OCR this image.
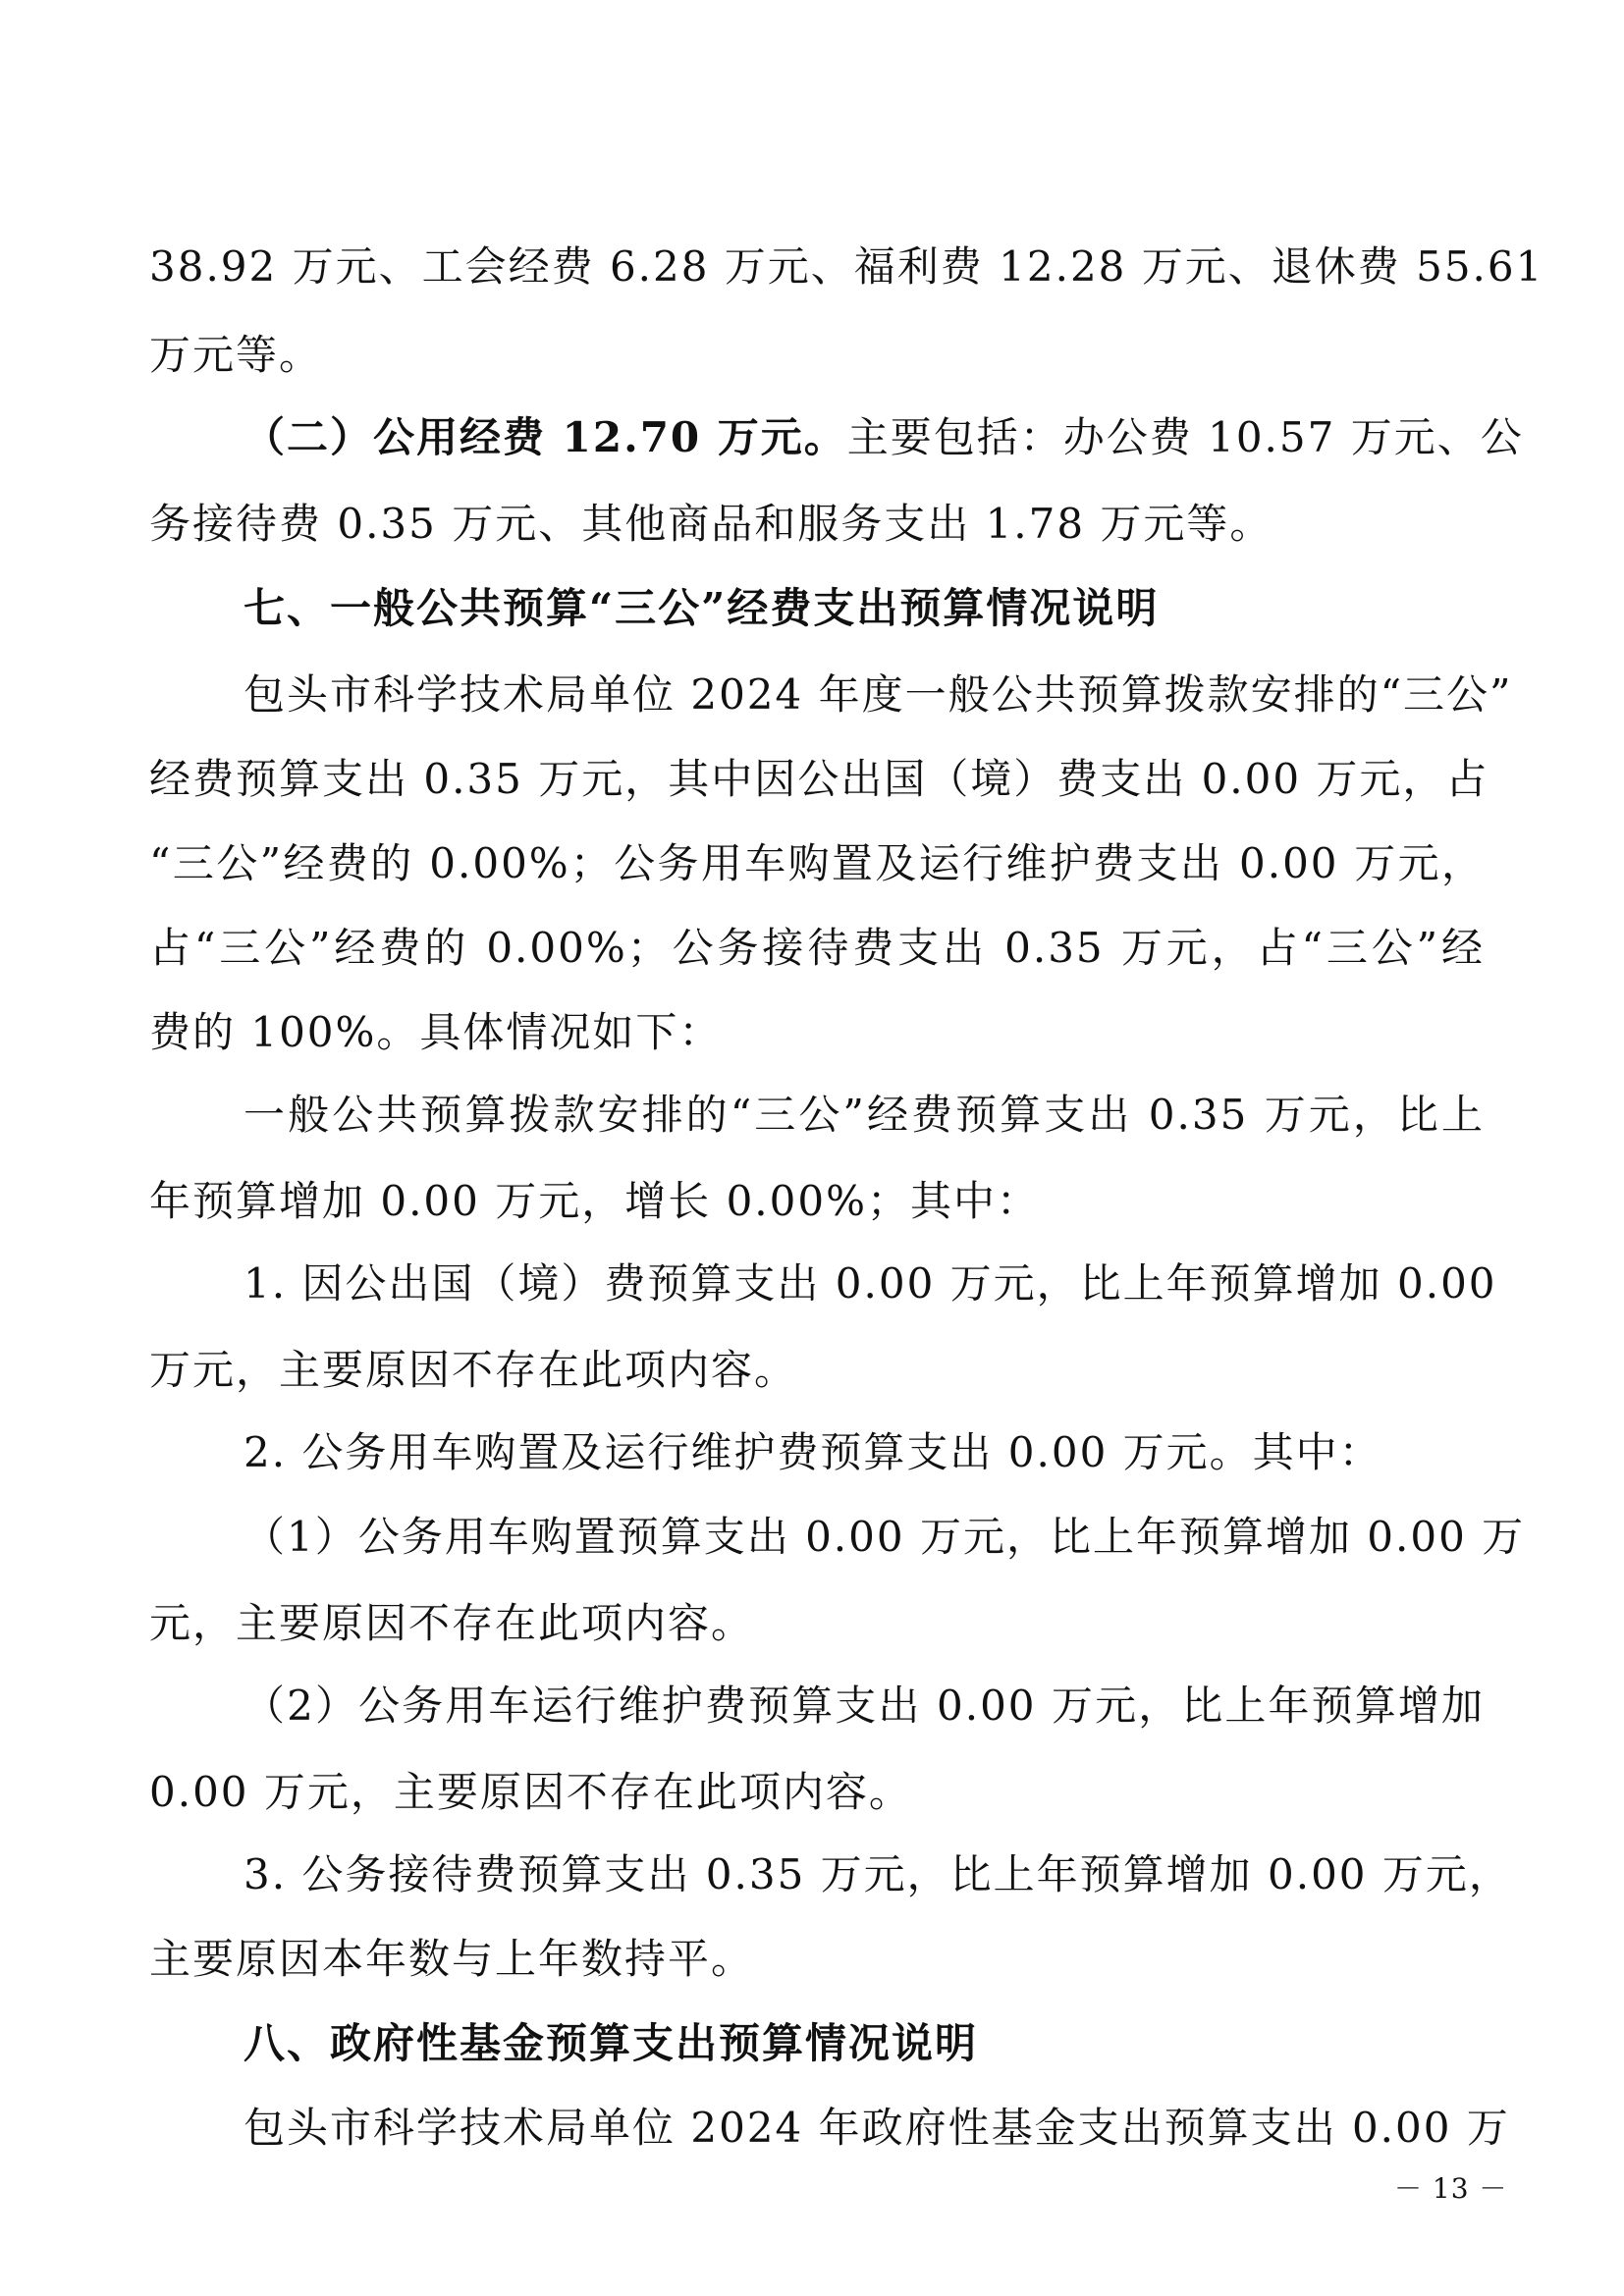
38.92 万元、工会经费 6.28 万元、福利费 12.28 万元、退休费 55.61
万元等。
（二）公用经费 12.70 万元。主要包括：办公费 10.57 万元、公
务接待费 0.35 万元、其他商品和服务支出 1.78 万元等。
七、一般公共预算“三公”经费支出预算情况说明
包头市科学技术局单位 2024 年度一般公共预算拨款安排的“三公”
经费预算支出 0.35 万元，其中因公出国（境）费支出 0.00 万元，占
“三公”经费的 0.00%；公务用车购置及运行维护费支出 0.00 万元，
占“三公”经费的 0.00%；公务接待费支出 0.35 万元，占“三公”经
费的 100%。具体情况如下：
一般公共预算拨款安排的“三公”经费预算支出 0.35 万元，比上
年预算增加 0.00 万元，增长 0.00%；其中：
1. 因公出国（境）费预算支出 0.00 万元，比上年预算增加 0.00
万元，主要原因不存在此项内容。
2. 公务用车购置及运行维护费预算支出 0.00 万元。其中：
（1）公务用车购置预算支出 0.00 万元，比上年预算增加 0.00 万
元，主要原因不存在此项内容。
（2）公务用车运行维护费预算支出 0.00 万元，比上年预算增加
0.00 万元，主要原因不存在此项内容。
3. 公务接待费预算支出 0.35 万元，比上年预算增加 0.00 万元，
主要原因本年数与上年数持平。
八、政府性基金预算支出预算情况说明
包头市科学技术局单位 2024 年政府性基金支出预算支出 0.00 万
－ 13 －
